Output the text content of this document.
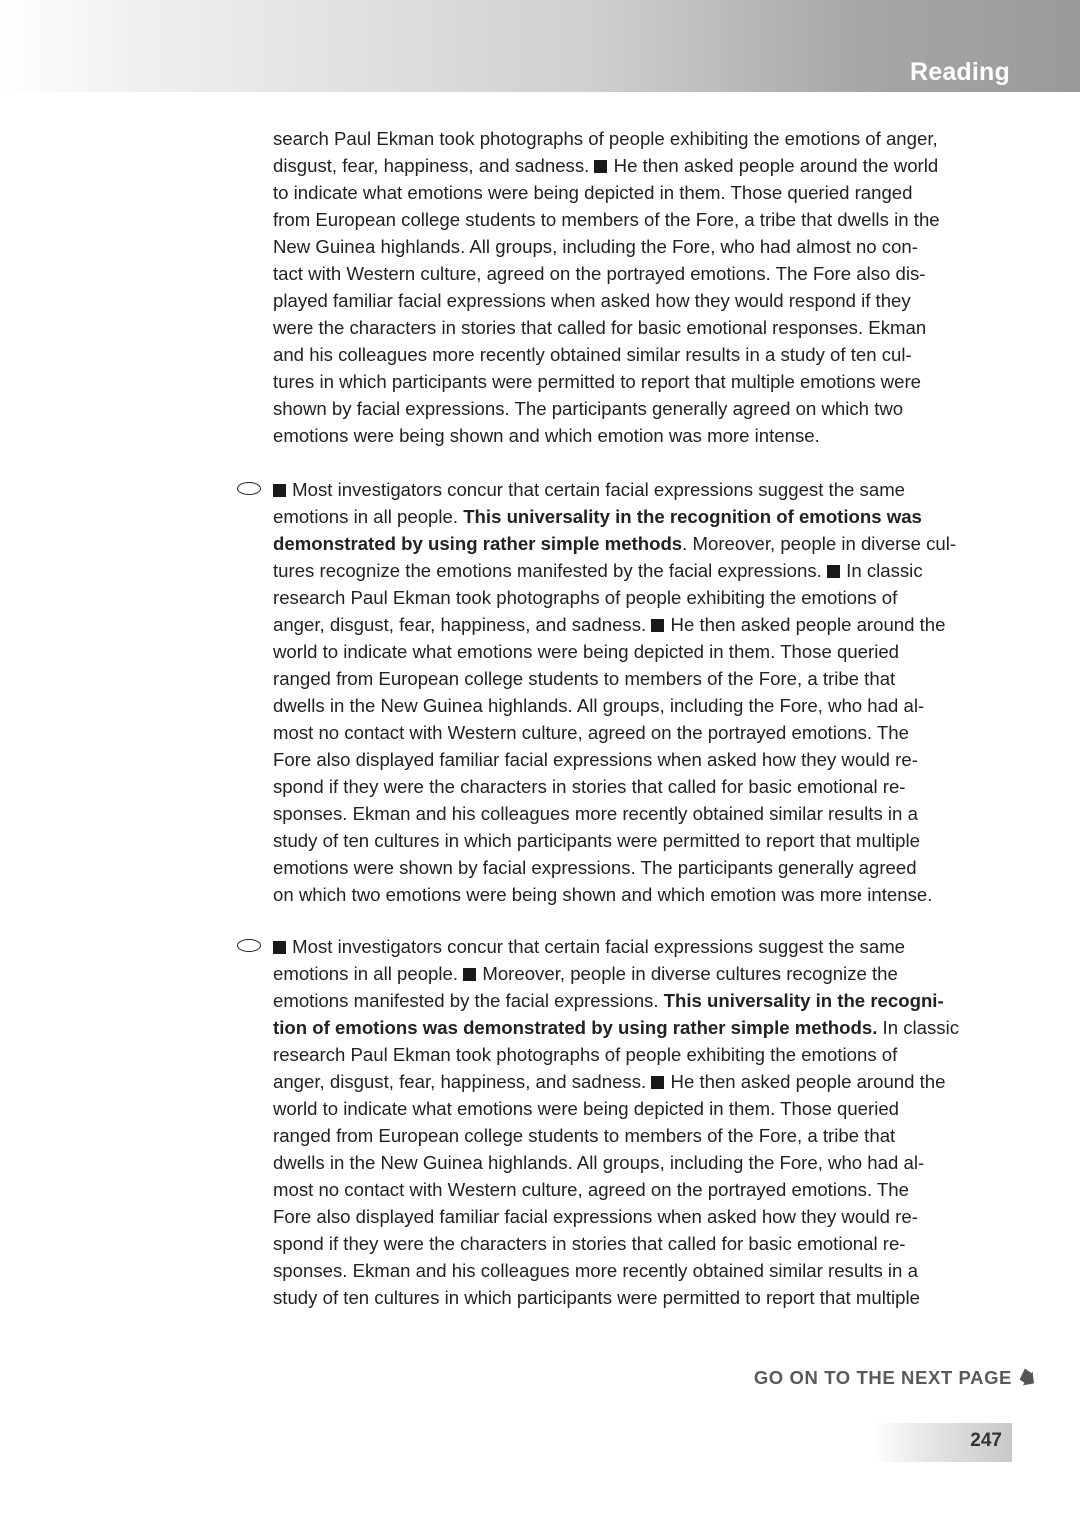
Reading
search Paul Ekman took photographs of people exhibiting the emotions of anger,
disgust, fear, happiness, and sadness.  He then asked people around the world
to indicate what emotions were being depicted in them. Those queried ranged
from European college students to members of the Fore, a tribe that dwells in the
New Guinea highlands. All groups, including the Fore, who had almost no con-
tact with Western culture, agreed on the portrayed emotions. The Fore also dis-
played familiar facial expressions when asked how they would respond if they
were the characters in stories that called for basic emotional responses. Ekman
and his colleagues more recently obtained similar results in a study of ten cul-
tures in which participants were permitted to report that multiple emotions were
shown by facial expressions. The participants generally agreed on which two
emotions were being shown and which emotion was more intense.
Most investigators concur that certain facial expressions suggest the same
emotions in all people. This universality in the recognition of emotions was
demonstrated by using rather simple methods. Moreover, people in diverse cul-
tures recognize the emotions manifested by the facial expressions.  In classic
research Paul Ekman took photographs of people exhibiting the emotions of
anger, disgust, fear, happiness, and sadness.  He then asked people around the
world to indicate what emotions were being depicted in them. Those queried
ranged from European college students to members of the Fore, a tribe that
dwells in the New Guinea highlands. All groups, including the Fore, who had al-
most no contact with Western culture, agreed on the portrayed emotions. The
Fore also displayed familiar facial expressions when asked how they would re-
spond if they were the characters in stories that called for basic emotional re-
sponses. Ekman and his colleagues more recently obtained similar results in a
study of ten cultures in which participants were permitted to report that multiple
emotions were shown by facial expressions. The participants generally agreed
on which two emotions were being shown and which emotion was more intense.
Most investigators concur that certain facial expressions suggest the same
emotions in all people.  Moreover, people in diverse cultures recognize the
emotions manifested by the facial expressions. This universality in the recogni-
tion of emotions was demonstrated by using rather simple methods. In classic
research Paul Ekman took photographs of people exhibiting the emotions of
anger, disgust, fear, happiness, and sadness.  He then asked people around the
world to indicate what emotions were being depicted in them. Those queried
ranged from European college students to members of the Fore, a tribe that
dwells in the New Guinea highlands. All groups, including the Fore, who had al-
most no contact with Western culture, agreed on the portrayed emotions. The
Fore also displayed familiar facial expressions when asked how they would re-
spond if they were the characters in stories that called for basic emotional re-
sponses. Ekman and his colleagues more recently obtained similar results in a
study of ten cultures in which participants were permitted to report that multiple
GO ON TO THE NEXT PAGE
247
